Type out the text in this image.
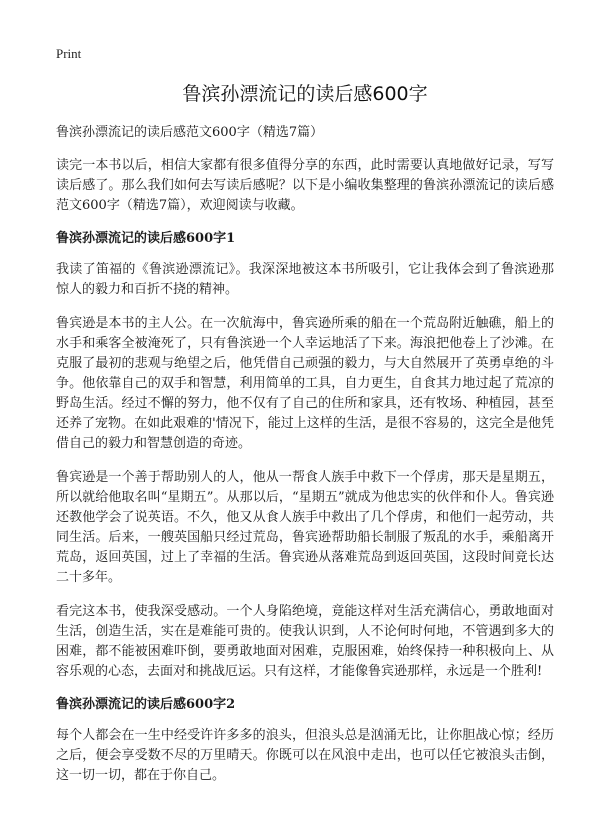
Print
鲁滨孙漂流记的读后感600字
鲁滨孙漂流记的读后感范文600字（精选7篇）

读完一本书以后，相信大家都有很多值得分享的东西，此时需要认真地做好记录，写写读后感了。那么我们如何去写读后感呢？以下是小编收集整理的鲁滨孙漂流记的读后感范文600字（精选7篇），欢迎阅读与收藏。

鲁滨孙漂流记的读后感600字1

我读了笛福的《鲁滨逊漂流记》。我深深地被这本书所吸引，它让我体会到了鲁滨逊那惊人的毅力和百折不挠的精神。

鲁宾逊是本书的主人公。在一次航海中，鲁宾逊所乘的船在一个荒岛附近触礁，船上的水手和乘客全被淹死了，只有鲁滨逊一个人幸运地活了下来。海浪把他卷上了沙滩。在克服了最初的悲观与绝望之后，他凭借自己顽强的毅力，与大自然展开了英勇卓绝的斗争。他依靠自己的双手和智慧，利用简单的工具，自力更生，自食其力地过起了荒凉的野岛生活。经过不懈的努力，他不仅有了自己的住所和家具，还有牧场、种植园，甚至还养了宠物。在如此艰难的'情况下，能过上这样的生活，是很不容易的，这完全是他凭借自己的毅力和智慧创造的奇迹。

鲁宾逊是一个善于帮助别人的人，他从一帮食人族手中救下一个俘虏，那天是星期五，所以就给他取名叫“星期五”。从那以后，“星期五”就成为他忠实的伙伴和仆人。鲁宾逊还教他学会了说英语。不久，他又从食人族手中救出了几个俘虏，和他们一起劳动，共同生活。后来，一艘英国船只经过荒岛，鲁宾逊帮助船长制服了叛乱的水手，乘船离开荒岛，返回英国，过上了幸福的生活。鲁宾逊从落难荒岛到返回英国，这段时间竟长达二十多年。

看完这本书，使我深受感动。一个人身陷绝境，竟能这样对生活充满信心，勇敢地面对生活，创造生活，实在是难能可贵的。使我认识到，人不论何时何地，不管遇到多大的困难，都不能被困难吓倒，要勇敢地面对困难，克服困难，始终保持一种积极向上、从容乐观的心态，去面对和挑战厄运。只有这样，才能像鲁宾逊那样，永远是一个胜利!

鲁滨孙漂流记的读后感600字2

每个人都会在一生中经受许许多多的浪头，但浪头总是汹涌无比，让你胆战心惊；经历之后，便会享受数不尽的万里晴天。你既可以在风浪中走出，也可以任它被浪头击倒，这一切一切，都在于你自己。
